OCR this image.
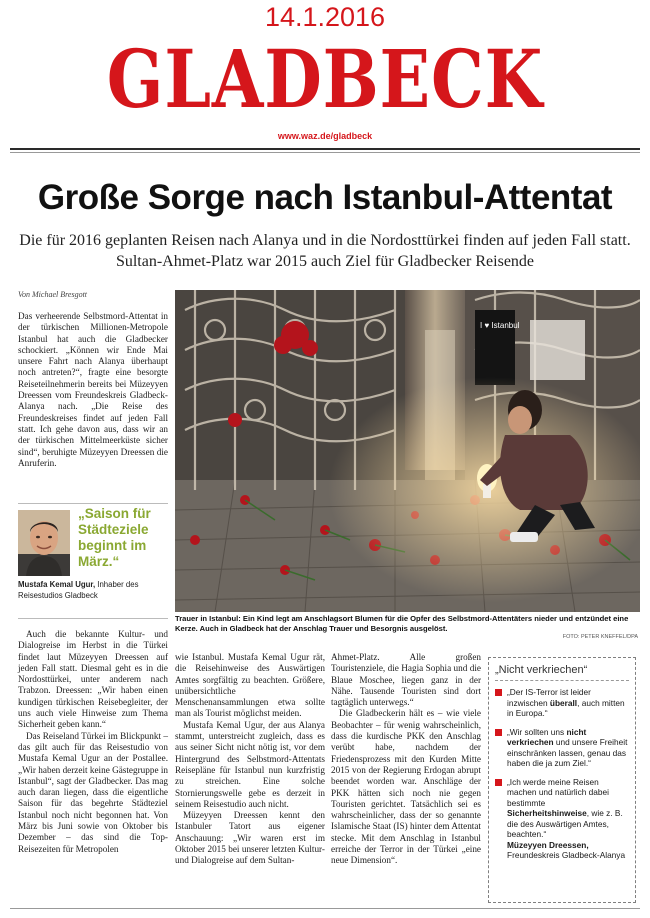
14.1.2016
GLADBECK
www.waz.de/gladbeck
Große Sorge nach Istanbul-Attentat
Die für 2016 geplanten Reisen nach Alanya und in die Nordosttürkei finden auf jeden Fall statt. Sultan-Ahmet-Platz war 2015 auch Ziel für Gladbecker Reisende
Von Michael Bresgott

Das verheerende Selbstmord-Attentat in der türkischen Millionen-Metropole Istanbul hat auch die Gladbecker schockiert. „Können wir Ende Mai unsere Fahrt nach Alanya überhaupt noch antreten?“, fragte eine besorgte Reiseteilnehmerin bereits bei Müzeyyen Dreessen vom Freundeskreis Gladbeck-Alanya nach. „Die Reise des Freundeskreises findet auf jeden Fall statt. Ich gehe davon aus, dass wir an der türkischen Mittelmeerküste sicher sind“, beruhigte Müzeyyen Dreessen die Anruferin.

„Saison für Städteziele beginnt im März.“
Mustafa Kemal Ugur, Inhaber des Reisestudios Gladbeck

Auch die bekannte Kultur- und Dialogreise im Herbst in die Türkei findet laut Müzeyyen Dreessen auf jeden Fall statt. Diesmal geht es in die Nordosttürkei, unter anderem nach Trabzon. Dreessen: „Wir haben einen kundigen türkischen Reisebegleiter, der uns auch viele Hinweise zum Thema Sicherheit geben kann.“

Das Reiseland Türkei im Blickpunkt – das gilt auch für das Reisestudio von Mustafa Kemal Ugur an der Postallee. „Wir haben derzeit keine Gästegruppe in Istanbul“, sagt der Gladbecker. Das mag auch daran liegen, dass die eigentliche Saison für das begehrte Städteziel Istanbul noch nicht begonnen hat. Von März bis Juni sowie von Oktober bis Dezember – das sind die Top-Reisezeiten für Metropolen

Trauer in Istanbul: Ein Kind legt am Anschlagsort Blumen für die Opfer des Selbstmord-Attentäters nieder und entzündet eine Kerze. Auch in Gladbeck hat der Anschlag Trauer und Besorgnis ausgelöst.
FOTO: PETER KNEFFEL/DPA

wie Istanbul. Mustafa Kemal Ugur rät, die Reisehinweise des Auswärtigen Amtes sorgfältig zu beachten. Größere, unübersichtliche Menschenansammlungen etwa sollte man als Tourist möglichst meiden.

Mustafa Kemal Ugur, der aus Alanya stammt, unterstreicht zugleich, dass es aus seiner Sicht nicht nötig ist, vor dem Hintergrund des Selbstmord-Attentats Reisepläne für Istanbul nun kurzfristig zu streichen. Eine solche Stornierungswelle gebe es derzeit in seinem Reisestudio auch nicht.

Müzeyyen Dreessen kennt den Istanbuler Tatort aus eigener Anschauung: „Wir waren erst im Oktober 2015 bei unserer letzten Kultur- und Dialogreise auf dem Sultan-

Ahmet-Platz. Alle großen Touristenziele, die Hagia Sophia und die Blaue Moschee, liegen ganz in der Nähe. Tausende Touristen sind dort tagtäglich unterwegs.“

Die Gladbeckerin hält es – wie viele Beobachter – für wenig wahrscheinlich, dass die kurdische PKK den Anschlag verübt habe, nachdem der Friedensprozess mit den Kurden Mitte 2015 von der Regierung Erdogan abrupt beendet worden war. Anschläge der PKK hätten sich noch nie gegen Touristen gerichtet. Tatsächlich sei es wahrscheinlicher, dass der so genannte Islamische Staat (IS) hinter dem Attentat stecke. Mit dem Anschlag in Istanbul erreiche der Terror in der Türkei „eine neue Dimension“.

„Nicht verkriechen“
„Der IS-Terror ist leider inzwischen überall, auch mitten in Europa.“
„Wir sollten uns nicht verkriechen und unsere Freiheit einschränken lassen, genau das haben die ja zum Ziel.“
„Ich werde meine Reisen machen und natürlich dabei bestimmte Sicherheitshinweise, wie z. B. die des Auswärtigen Amtes, beachten.“
Müzeyyen Dreessen,
Freundeskreis Gladbeck-Alanya
